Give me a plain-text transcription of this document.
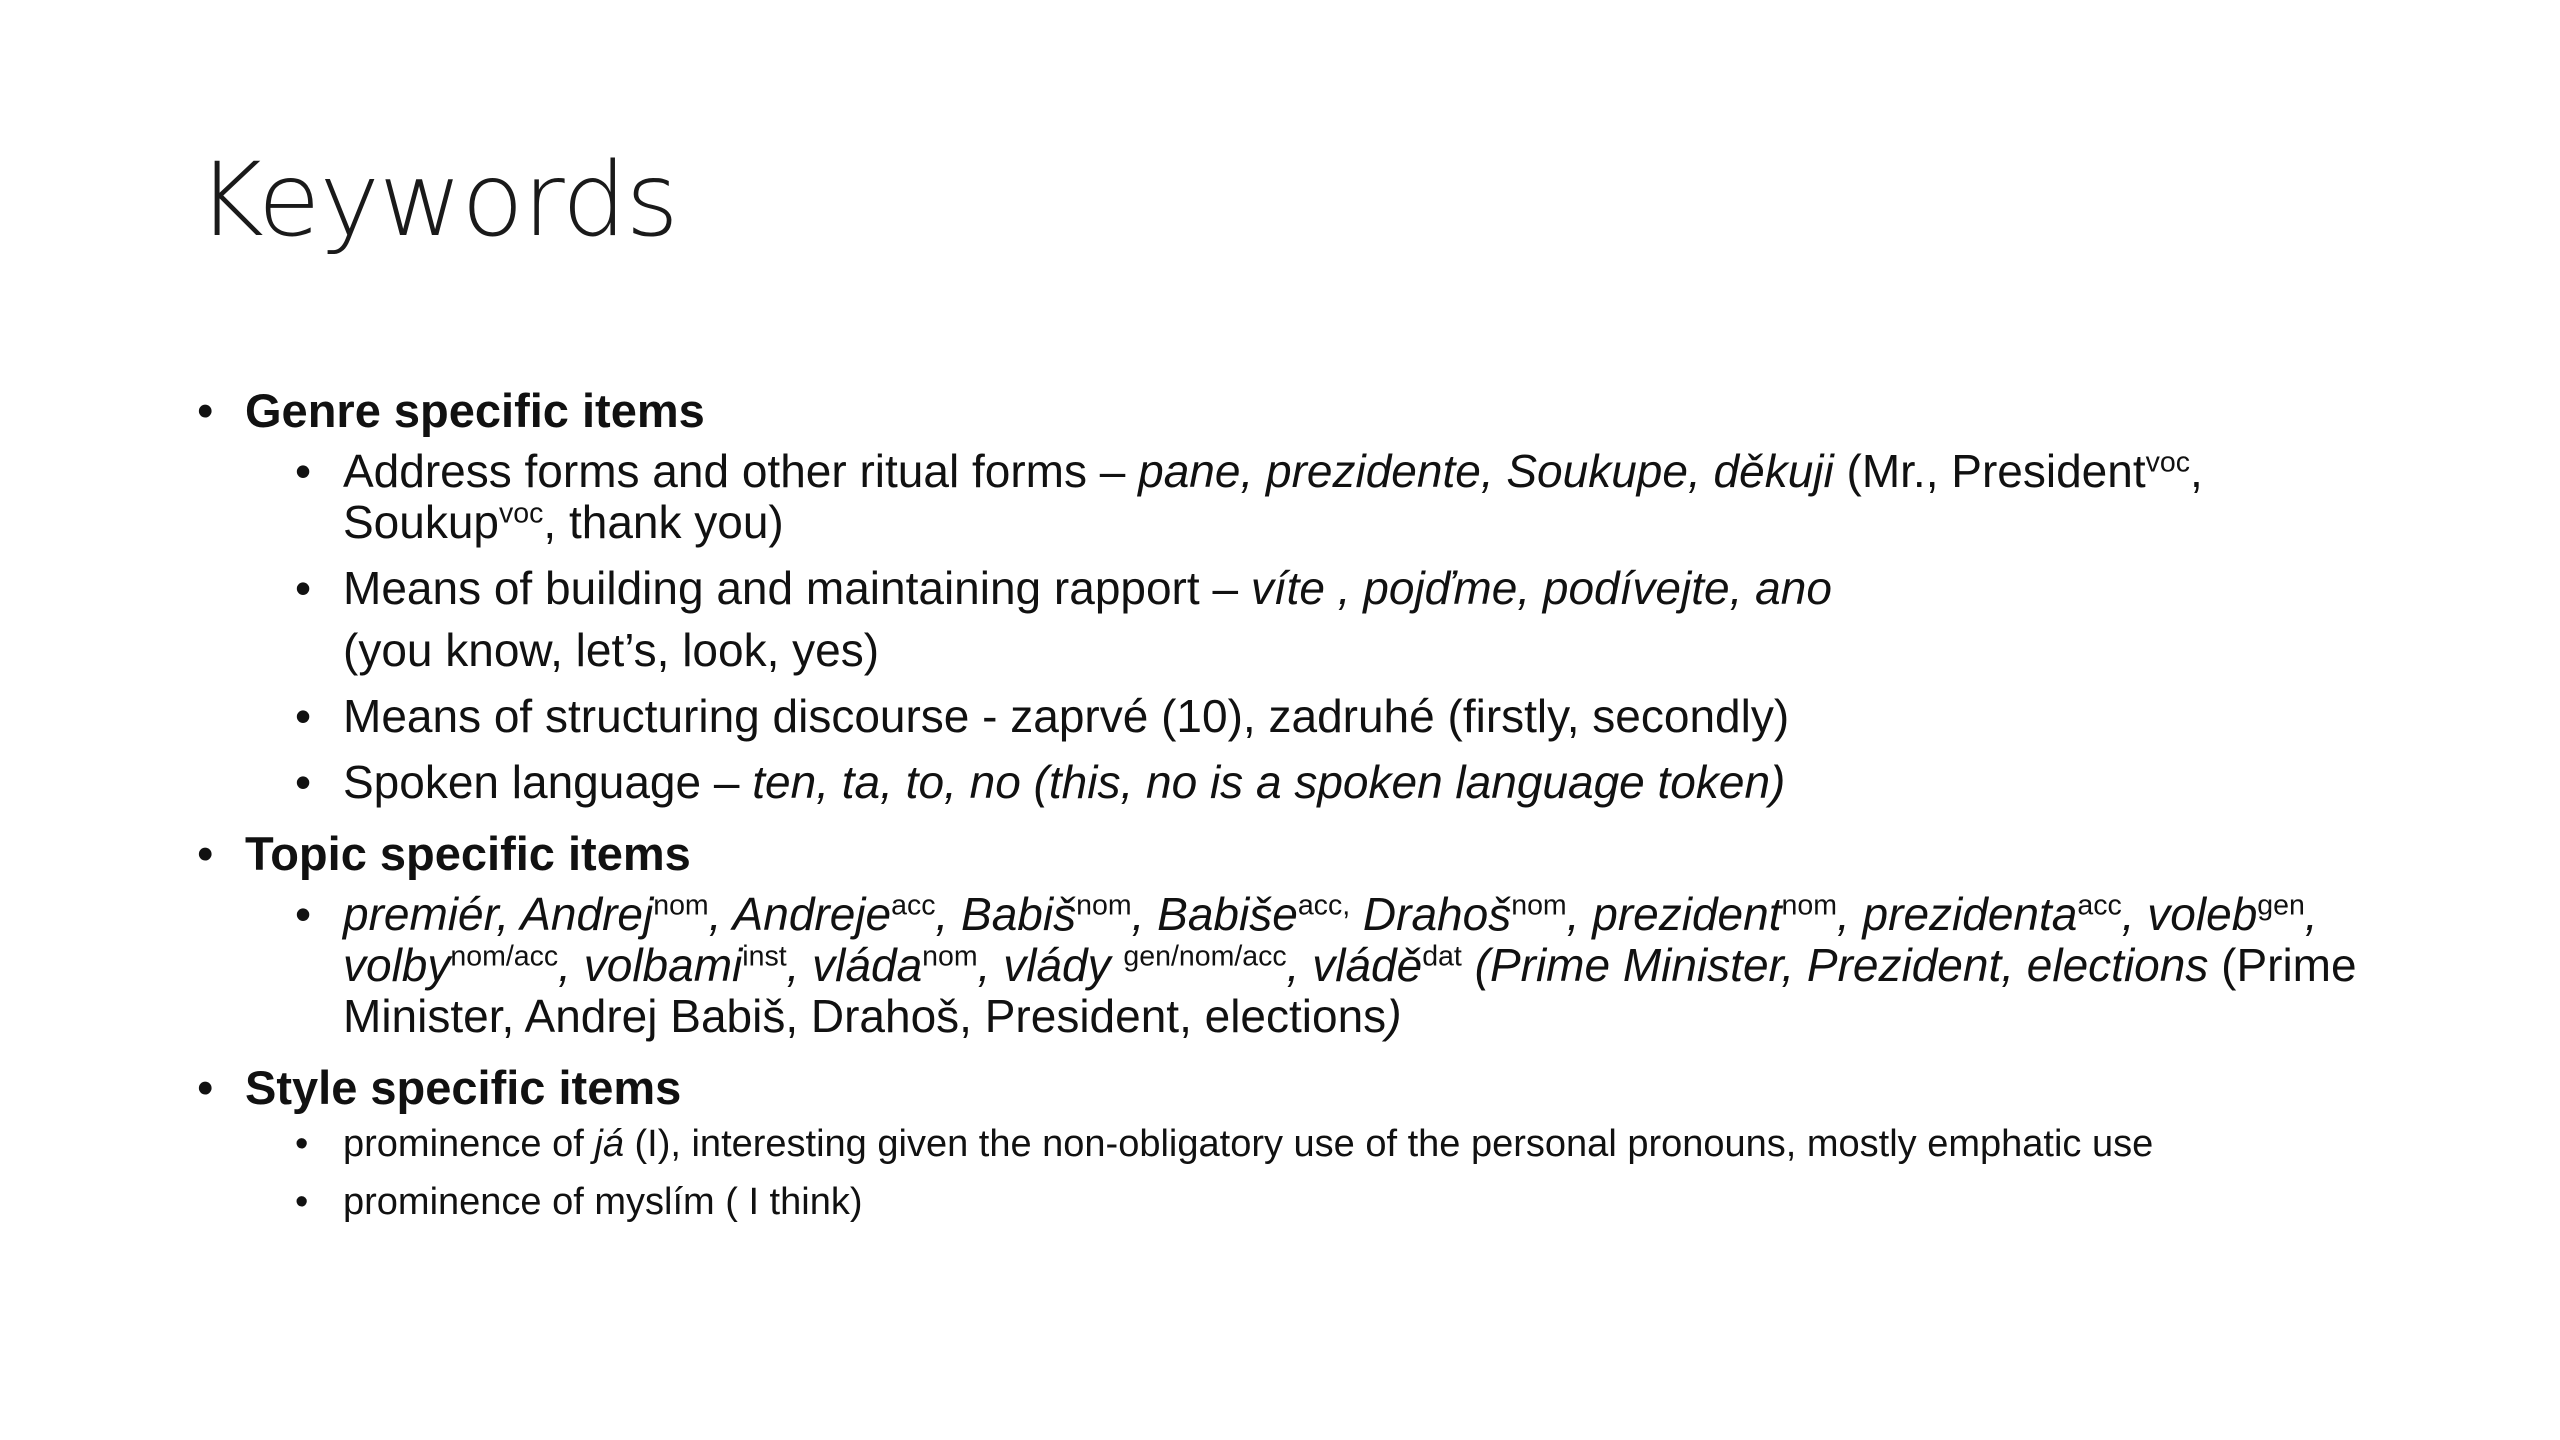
Keywords
• Genre specific items
• Address forms and other ritual forms – pane, prezidente, Soukupe, děkuji (Mr., President$^{voc}$, Soukup$^{voc}$, thank you)
• Means of building and maintaining rapport – víte , pojďme, podívejte, ano
(you know, let’s, look, yes)
• Means of structuring discourse - zaprvé (10), zadruhé (firstly, secondly)
• Spoken language – ten, ta, to, no (this, no is a spoken language token)
• Topic specific items
• premiér, Andrej$^{nom}$, Andreje$^{acc}$, Babiš$^{nom}$, Babiše$^{acc,}$ Drahoš$^{nom}$, prezident$^{nom}$, prezidenta$^{acc}$, voleb$^{gen}$, volby$^{nom/acc}$, volbami$^{inst}$, vláda$^{nom}$, vlády $^{gen/nom/acc}$, vládě$^{dat}$ (Prime Minister, Prezident, elections (Prime Minister, Andrej Babiš, Drahoš, President, elections)
• Style specific items
• prominence of já (I), interesting given the non-obligatory use of the personal pronouns, mostly emphatic use
• prominence of myslím ( I think)
